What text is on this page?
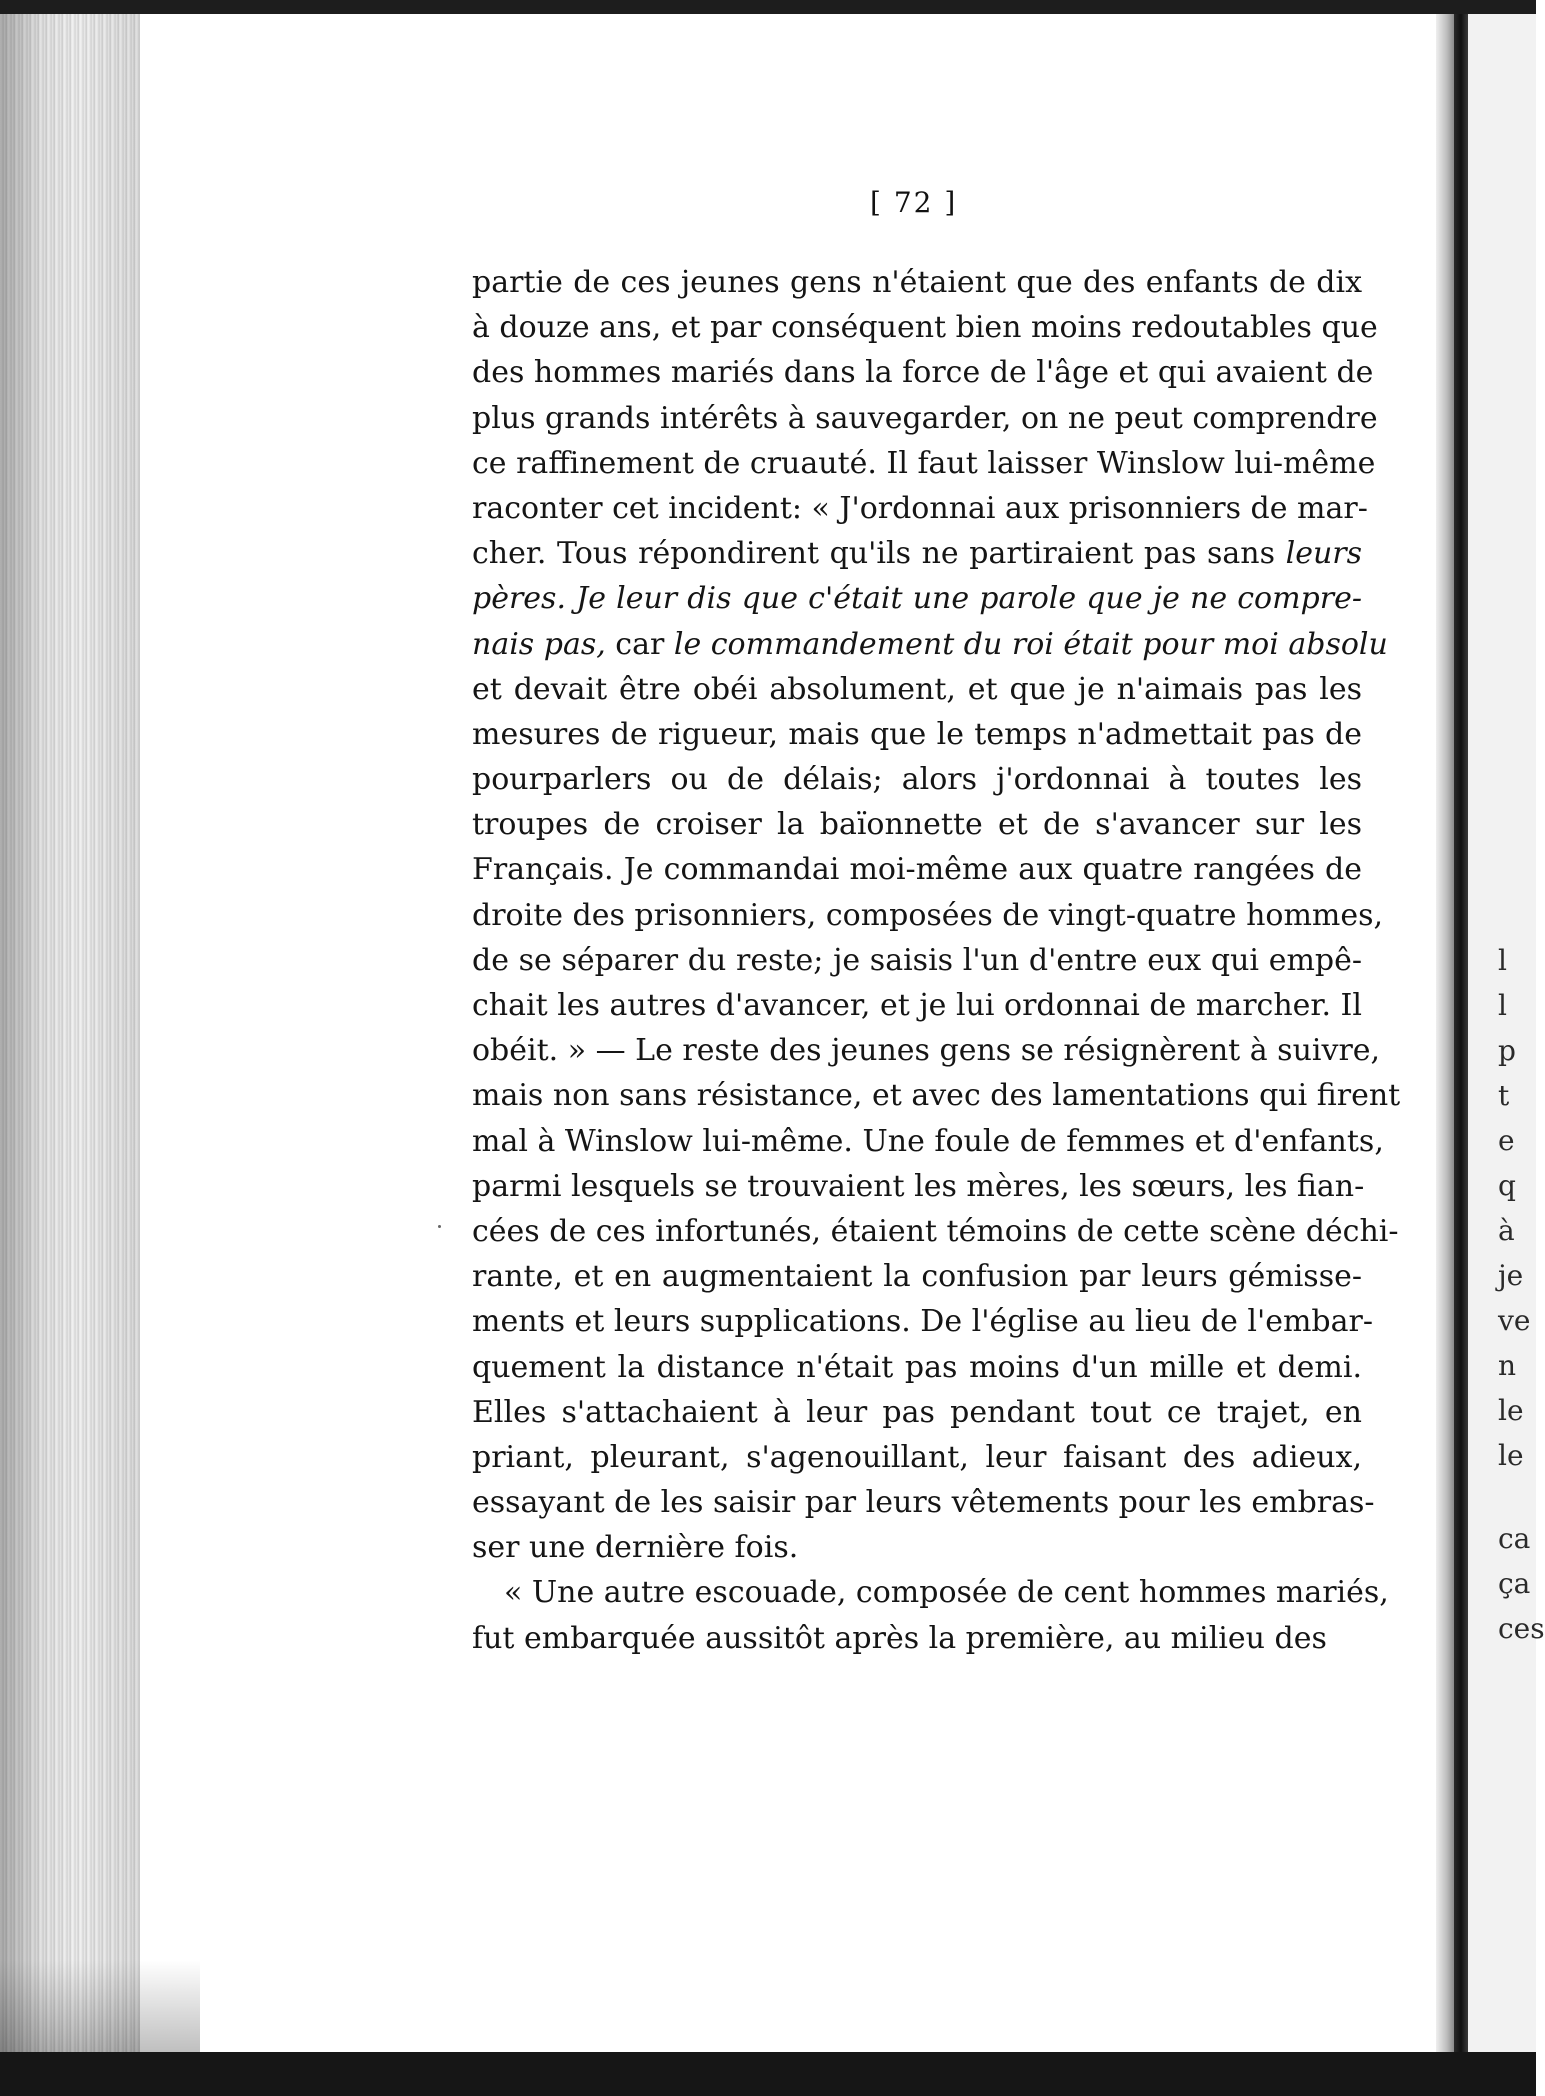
l
l
p
t
e
q
à
je
ve
n
le
le
ca
ça
ces
[ 72 ]
partie de ces jeunes gens n'étaient que des enfants de dix
à douze ans, et par conséquent bien moins redoutables que
des hommes mariés dans la force de l'âge et qui avaient de
plus grands intérêts à sauvegarder, on ne peut comprendre
ce raffinement de cruauté. Il faut laisser Winslow lui-même
raconter cet incident: « J'ordonnai aux prisonniers de mar-
cher. Tous répondirent qu'ils ne partiraient pas sans leurs
pères. Je leur dis que c'était une parole que je ne compre-
nais pas, car le commandement du roi était pour moi absolu
et devait être obéi absolument, et que je n'aimais pas les
mesures de rigueur, mais que le temps n'admettait pas de
pourparlers ou de délais; alors j'ordonnai à toutes les
troupes de croiser la baïonnette et de s'avancer sur les
Français. Je commandai moi-même aux quatre rangées de
droite des prisonniers, composées de vingt-quatre hommes,
de se séparer du reste; je saisis l'un d'entre eux qui empê-
chait les autres d'avancer, et je lui ordonnai de marcher. Il
obéit. » — Le reste des jeunes gens se résignèrent à suivre,
mais non sans résistance, et avec des lamentations qui firent
mal à Winslow lui-même. Une foule de femmes et d'enfants,
parmi lesquels se trouvaient les mères, les sœurs, les fian-
cées de ces infortunés, étaient témoins de cette scène déchi-
rante, et en augmentaient la confusion par leurs gémisse-
ments et leurs supplications. De l'église au lieu de l'embar-
quement la distance n'était pas moins d'un mille et demi.
Elles s'attachaient à leur pas pendant tout ce trajet, en
priant, pleurant, s'agenouillant, leur faisant des adieux,
essayant de les saisir par leurs vêtements pour les embras-
ser une dernière fois.
« Une autre escouade, composée de cent hommes mariés,
fut embarquée aussitôt après la première, au milieu des
